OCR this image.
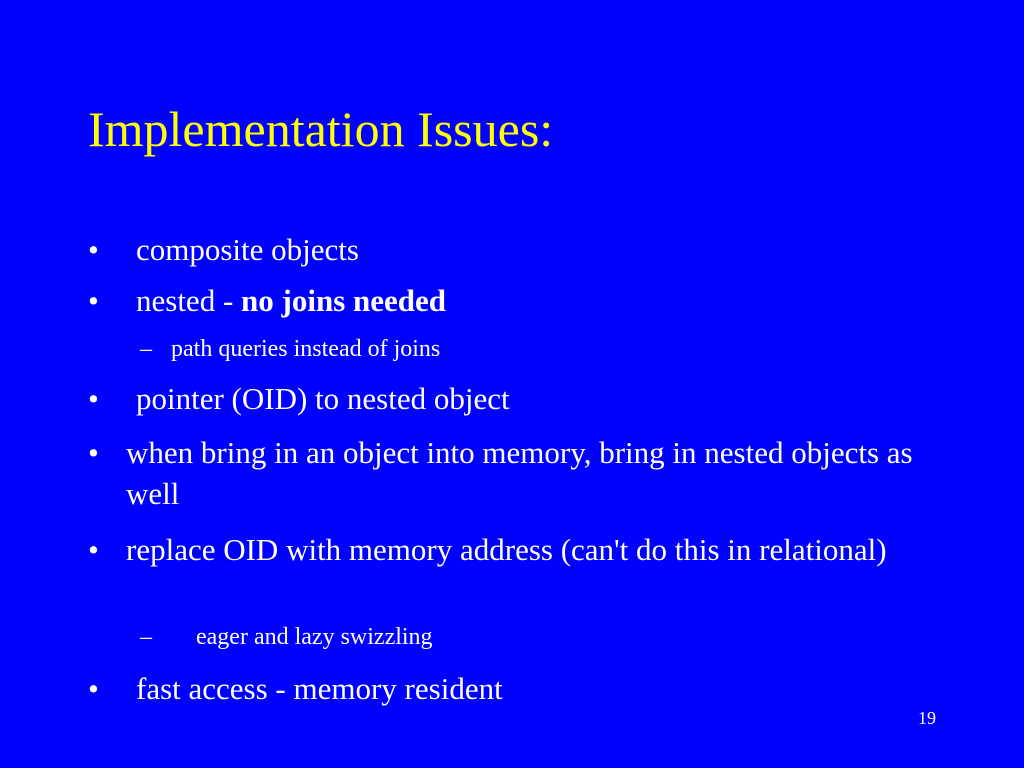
Implementation Issues:
•	composite objects
•	nested - no joins needed
– path queries instead of joins
•	pointer (OID) to nested object
• when bring in an object into memory, bring in nested objects as well
• replace OID with memory address (can't do this in relational)
–	eager and lazy swizzling
•	fast access - memory resident
19
